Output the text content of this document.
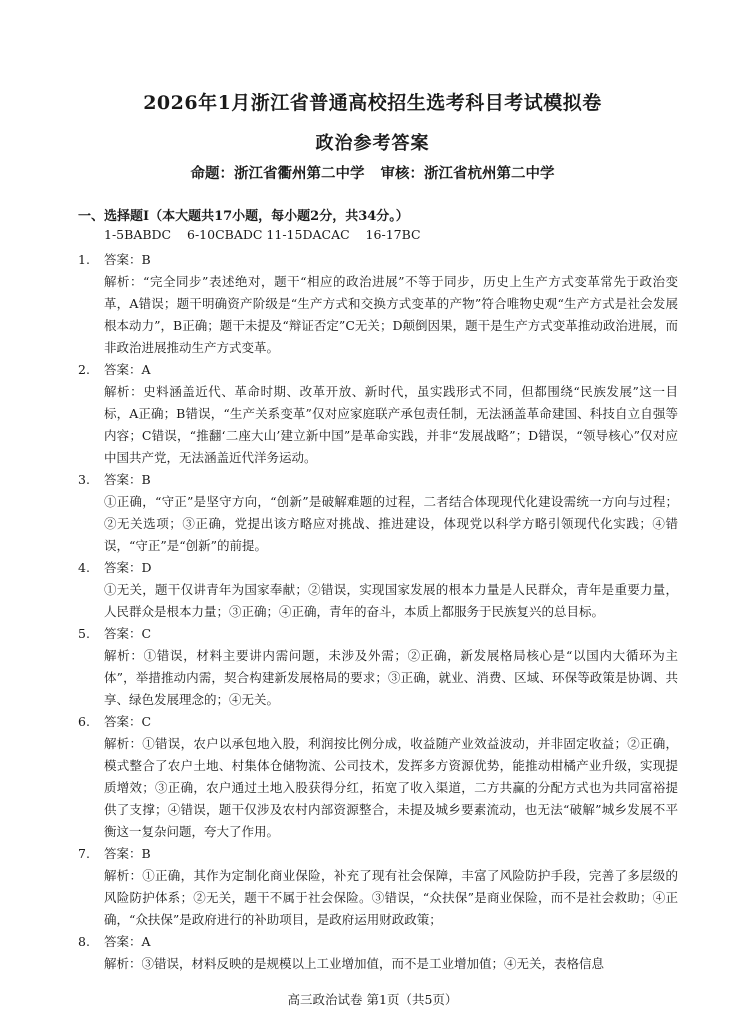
2026年1月浙江省普通高校招生选考科目考试模拟卷
政治参考答案
命题：浙江省衢州第二中学 审核：浙江省杭州第二中学
一、选择题Ⅰ（本大题共17小题，每小题2分，共34分。）
1-5BABDC    6-10CBADC 11-15DACAC    16-17BC
1.	答案：B
解析：“完全同步”表述绝对，题干“相应的政治进展”不等于同步，历史上生产方式变革常先于政治变革，A错误；题干明确资产阶级是“生产方式和交换方式变革的产物”符合唯物史观“生产方式是社会发展根本动力”，B正确；题干未提及“辩证否定”C无关；D颠倒因果，题干是生产方式变革推动政治进展，而非政治进展推动生产方式变革。
2.	答案：A
解析：史料涵盖近代、革命时期、改革开放、新时代，虽实践形式不同，但都围绕“民族发展”这一目标，A正确；B错误，“生产关系变革”仅对应家庭联产承包责任制，无法涵盖革命建国、科技自立自强等内容；C错误，“推翻‘二座大山’建立新中国”是革命实践，并非“发展战略”；D错误，“领导核心”仅对应中国共产党，无法涵盖近代洋务运动。
3.	答案：B
①正确，“守正”是坚守方向，“创新”是破解难题的过程，二者结合体现现代化建设需统一方向与过程；②无关选项；③正确，党提出该方略应对挑战、推进建设，体现党以科学方略引领现代化实践；④错误，“守正”是“创新”的前提。
4.	答案：D
①无关，题干仅讲青年为国家奉献；②错误，实现国家发展的根本力量是人民群众，青年是重要力量，人民群众是根本力量；③正确；④正确，青年的奋斗，本质上都服务于民族复兴的总目标。
5.	答案：C
解析：①错误，材料主要讲内需问题，未涉及外需；②正确，新发展格局核心是“以国内大循环为主体”，举措推动内需，契合构建新发展格局的要求；③正确，就业、消费、区域、环保等政策是协调、共享、绿色发展理念的；④无关。
6.	答案：C
解析：①错误，农户以承包地入股，利润按比例分成，收益随产业效益波动，并非固定收益；②正确，模式整合了农户土地、村集体仓储物流、公司技术，发挥多方资源优势，能推动柑橘产业升级，实现提质增效；③正确，农户通过土地入股获得分红，拓宽了收入渠道，二方共赢的分配方式也为共同富裕提供了支撑；④错误，题干仅涉及农村内部资源整合，未提及城乡要素流动，也无法“破解”城乡发展不平衡这一复杂问题，夸大了作用。
7.	答案：B
解析：①正确，其作为定制化商业保险，补充了现有社会保障，丰富了风险防护手段，完善了多层级的风险防护体系；②无关，题干不属于社会保险。③错误，“众扶保”是商业保险，而不是社会救助；④正确，“众扶保”是政府进行的补助项目，是政府运用财政政策；
8.	答案：A
解析：③错误，材料反映的是规模以上工业增加值，而不是工业增加值；④无关，表格信息
高三政治试卷 第1页（共5页）
